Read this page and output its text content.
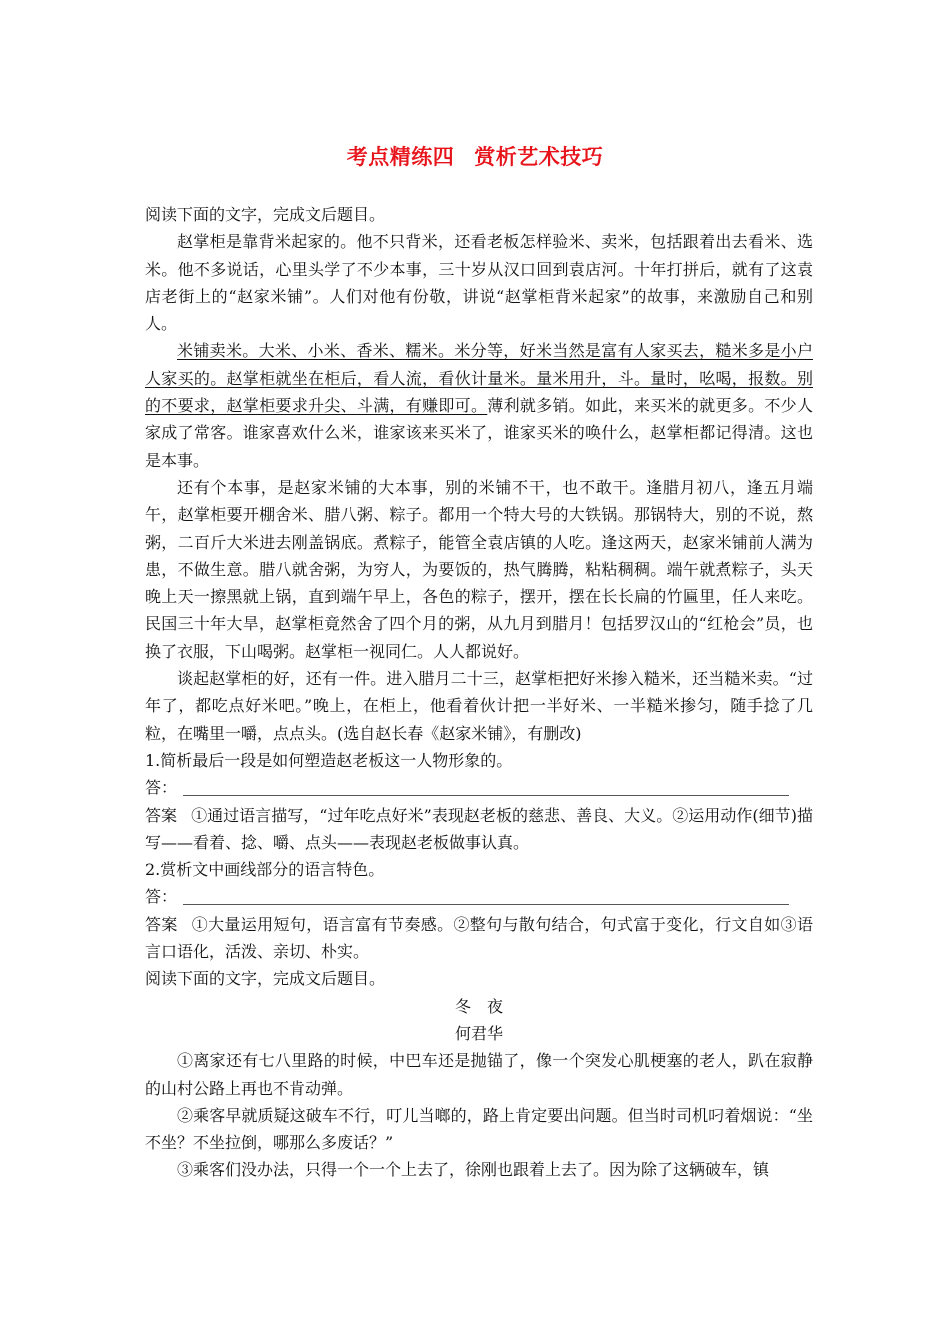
考点精练四 赏析艺术技巧

阅读下面的文字，完成文后题目。

赵掌柜是靠背米起家的。他不只背米，还看老板怎样验米、卖米，包括跟着出去看米、选米。他不多说话，心里头学了不少本事，三十岁从汉口回到袁店河。十年打拼后，就有了这袁店老街上的“赵家米铺”。人们对他有份敬，讲说“赵掌柜背米起家”的故事，来激励自己和别人。

米铺卖米。大米、小米、香米、糯米。米分等，好米当然是富有人家买去，糙米多是小户人家买的。赵掌柜就坐在柜后，看人流，看伙计量米。量米用升，斗。量时，吆喝，报数。别的不要求，赵掌柜要求升尖、斗满，有赚即可。薄利就多销。如此，来买米的就更多。不少人家成了常客。谁家喜欢什么米，谁家该来买米了，谁家买米的唤什么，赵掌柜都记得清。这也是本事。

还有个本事，是赵家米铺的大本事，别的米铺不干，也不敢干。逢腊月初八，逢五月端午，赵掌柜要开棚舍米、腊八粥、粽子。都用一个特大号的大铁锅。那锅特大，别的不说，熬粥，二百斤大米进去刚盖锅底。煮粽子，能管全袁店镇的人吃。逢这两天，赵家米铺前人满为患，不做生意。腊八就舍粥，为穷人，为要饭的，热气腾腾，粘粘稠稠。端午就煮粽子，头天晚上天一擦黑就上锅，直到端午早上，各色的粽子，摆开，摆在长长扁的竹匾里，任人来吃。民国三十年大旱，赵掌柜竟然舍了四个月的粥，从九月到腊月！包括罗汉山的“红枪会”员，也换了衣服，下山喝粥。赵掌柜一视同仁。人人都说好。

谈起赵掌柜的好，还有一件。进入腊月二十三，赵掌柜把好米掺入糙米，还当糙米卖。“过年了，都吃点好米吧。”晚上，在柜上，他看着伙计把一半好米、一半糙米掺匀，随手捻了几粒，在嘴里一嚼，点点头。(选自赵长春《赵家米铺》，有删改)

1.简析最后一段是如何塑造赵老板这一人物形象的。

答：

答案 ①通过语言描写，“过年吃点好米”表现赵老板的慈悲、善良、大义。②运用动作(细节)描写——看着、捻、嚼、点头——表现赵老板做事认真。

2.赏析文中画线部分的语言特色。

答：

答案 ①大量运用短句，语言富有节奏感。②整句与散句结合，句式富于变化，行文自如③语言口语化，活泼、亲切、朴实。

阅读下面的文字，完成文后题目。

冬　夜

何君华

①离家还有七八里路的时候，中巴车还是抛锚了，像一个突发心肌梗塞的老人，趴在寂静的山村公路上再也不肯动弹。

②乘客早就质疑这破车不行，叮儿当啷的，路上肯定要出问题。但当时司机叼着烟说：“坐不坐？不坐拉倒，哪那么多废话？”

③乘客们没办法，只得一个一个上去了，徐刚也跟着上去了。因为除了这辆破车，镇
